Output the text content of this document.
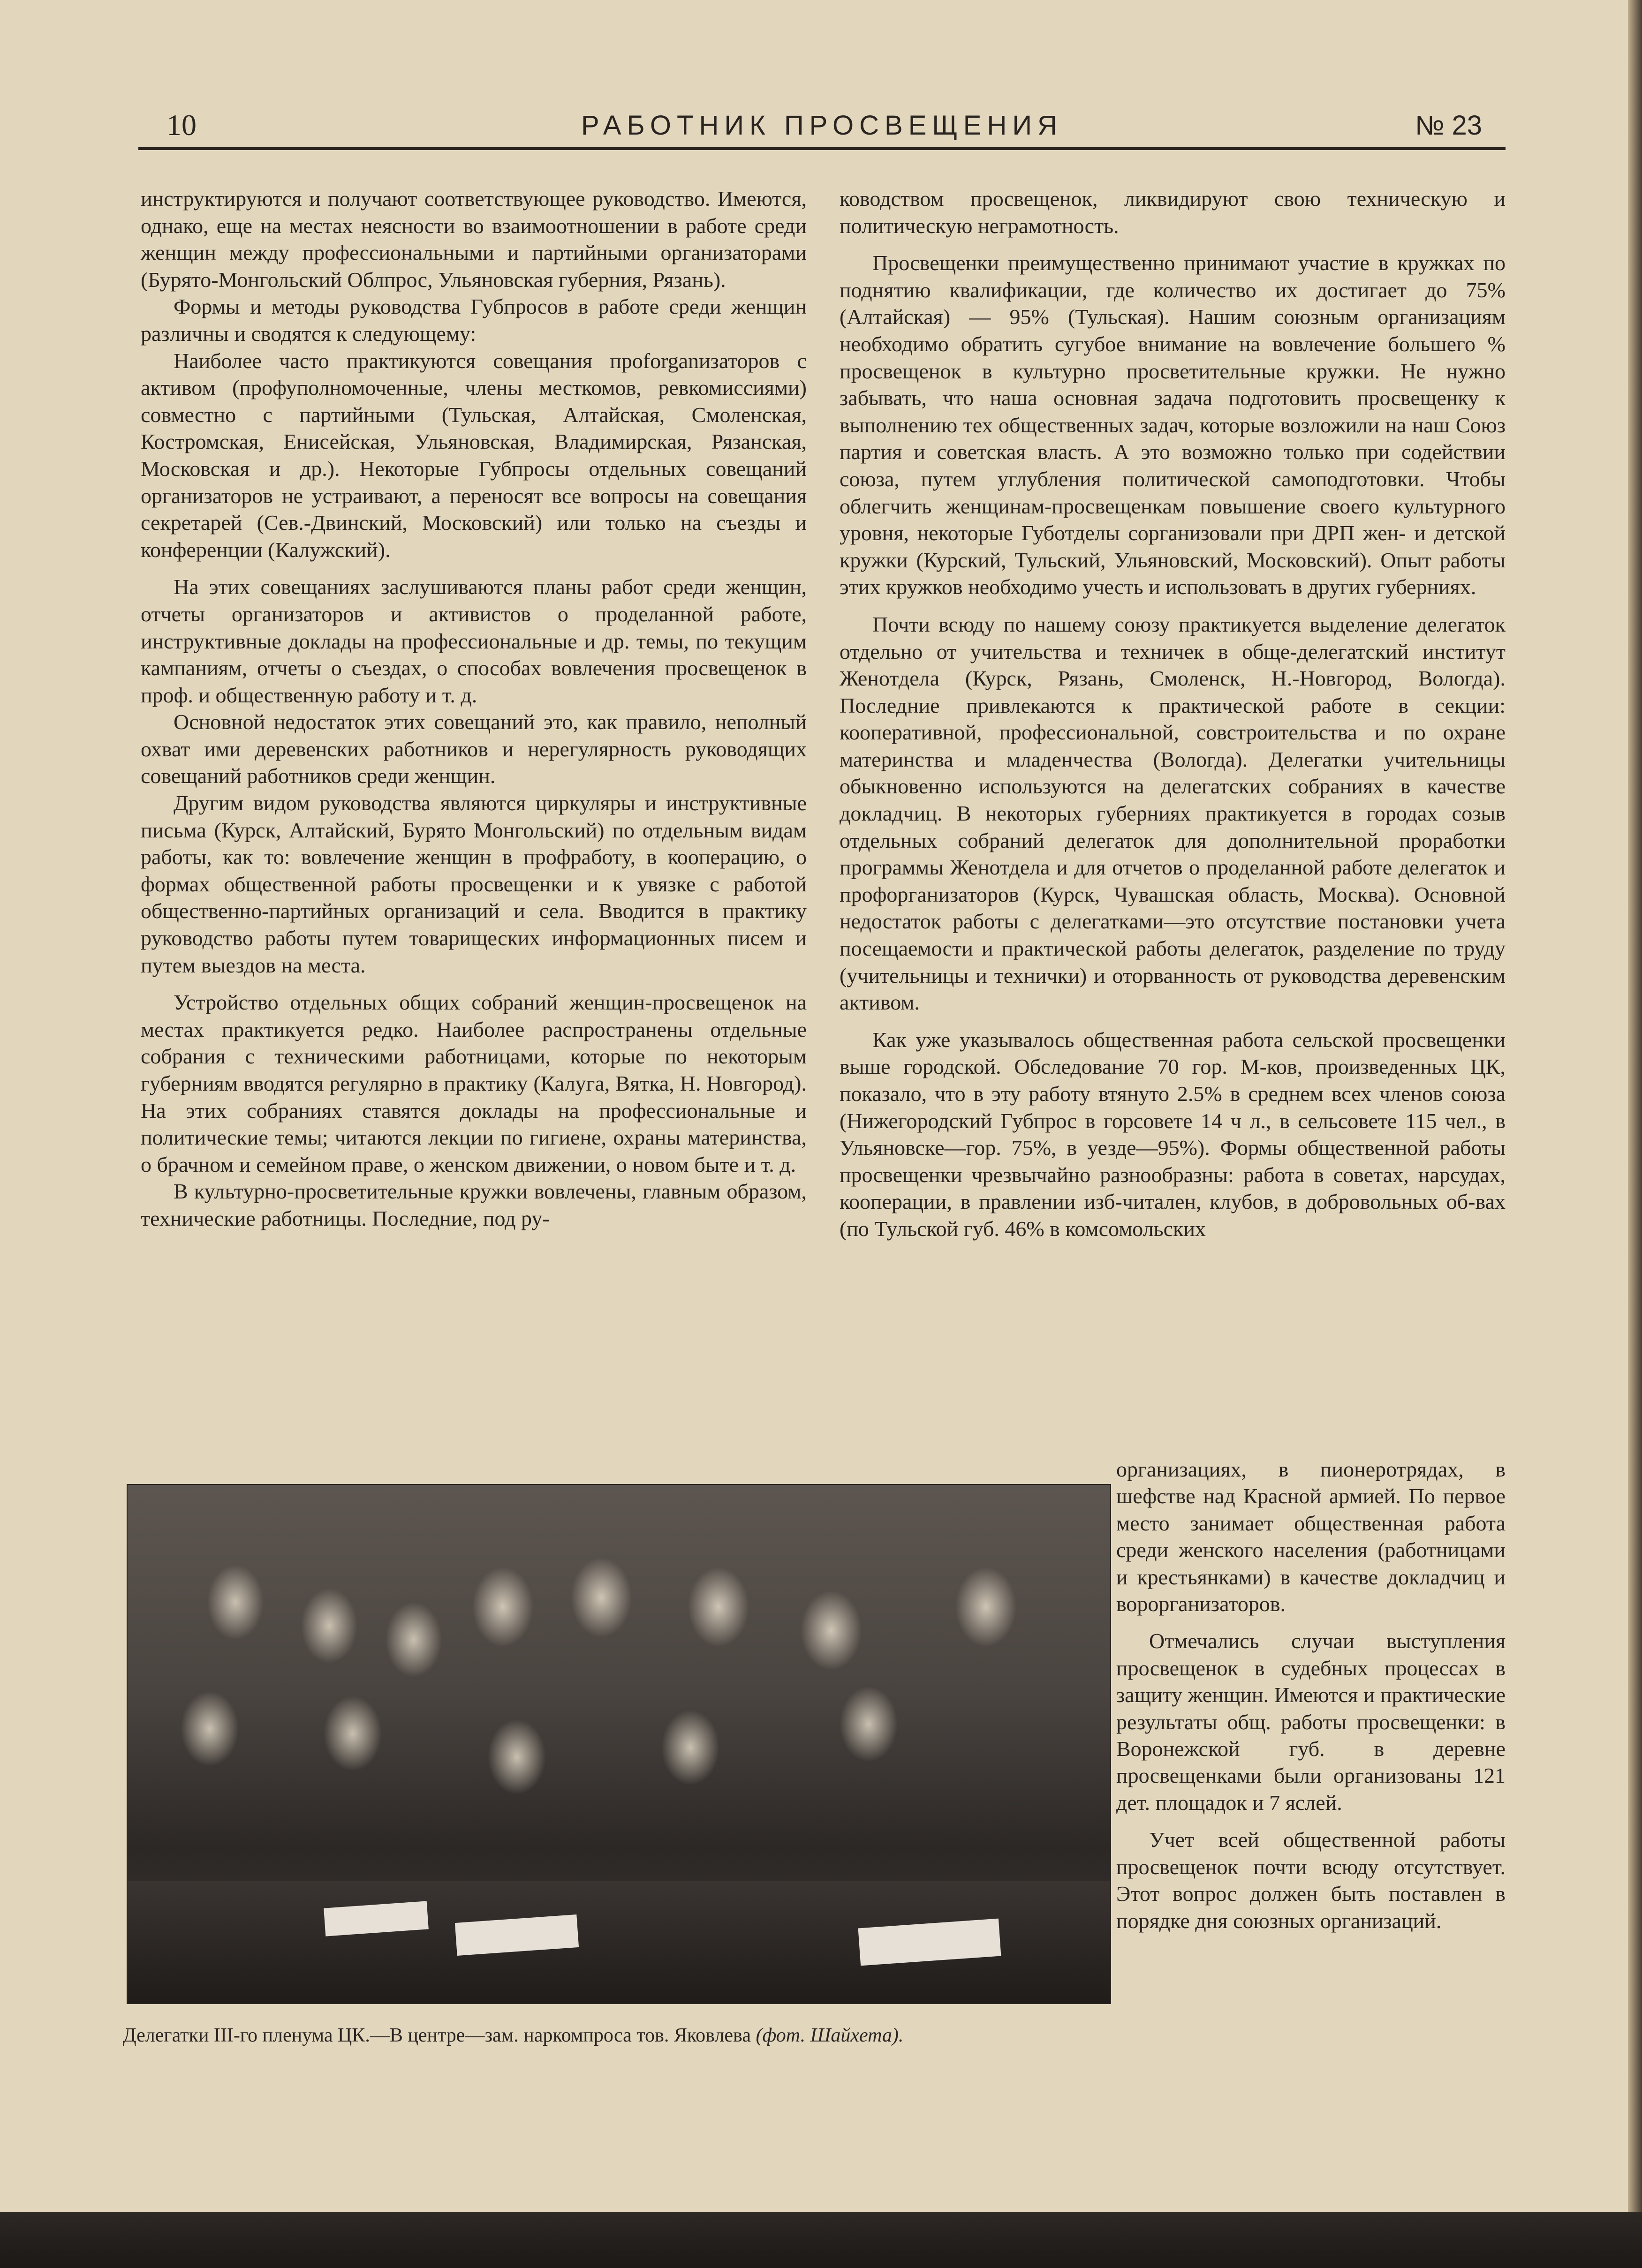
10	РАБОТНИК ПРОСВЕЩЕНИЯ	№ 23

инструктируются и получают соответствующее руководство. Имеются, однако, еще на местах неясности во взаимоотношении в работе среди женщин между профессиональными и партийными организаторами (Бурято-Монгольский Облпрос, Ульяновская губерния, Рязань).

Формы и методы руководства Губпросов в работе среди женщин различны и сводятся к следующему:

Наиболее часто практикуются совещания проforganизаторов с активом (профуполномоченные, члены месткомов, ревкомиссиями) совместно с партийными (Тульская, Алтайская, Смоленская, Костромская, Енисейская, Ульяновская, Владимирская, Рязанская, Московская и др.). Некоторые Губпросы отдельных совещаний организаторов не устраивают, а переносят все вопросы на совещания секретарей (Сев.-Двинский, Московский) или только на съезды и конференции (Калужский).

На этих совещаниях заслушиваются планы работ среди женщин, отчеты организаторов и активистов о проделанной работе, инструктивные доклады на профессиональные и др. темы, по текущим кампаниям, отчеты о съездах, о способах вовлечения просвещенок в проф. и общественную работу и т. д.

Основной недостаток этих совещаний это, как правило, неполный охват ими деревенских работников и нерегулярность руководящих совещаний работников среди женщин.

Другим видом руководства являются циркуляры и инструктивные письма (Курск, Алтайский, Бурято Монгольский) по отдельным видам работы, как то: вовлечение женщин в профработу, в кооперацию, о формах общественной работы просвещенки и к увязке с работой общественно-партийных организаций и села. Вводится в практику руководство работы путем товарищеских информационных писем и путем выездов на места.

Устройство отдельных общих собраний женщин-просвещенок на местах практикуется редко. Наиболее распространены отдельные собрания с техническими работницами, которые по некоторым губерниям вводятся регулярно в практику (Калуга, Вятка, Н. Новгород). На этих собраниях ставятся доклады на профессиональные и политические темы; читаются лекции по гигиене, охраны материнства, о брачном и семейном праве, о женском движении, о новом быте и т. д.

В культурно-просветительные кружки вовлечены, главным образом, технические работницы. Последние, под ру-

ководством просвещенок, ликвидируют свою техническую и политическую неграмотность.

Просвещенки преимущественно принимают участие в кружках по поднятию квалификации, где количество их достигает до 75% (Алтайская) — 95% (Тульская). Нашим союзным организациям необходимо обратить сугубое внимание на вовлечение большего % просвещенок в культурно просветительные кружки. Не нужно забывать, что наша основная задача подготовить просвещенку к выполнению тех общественных задач, которые возложили на наш Союз партия и советская власть. А это возможно только при содействии союза, путем углубления политической самоподготовки. Чтобы облегчить женщинам-просвещенкам повышение своего культурного уровня, некоторые Губотделы сорганизовали при ДРП жен- и детской кружки (Курский, Тульский, Ульяновский, Московский). Опыт работы этих кружков необходимо учесть и использовать в других губерниях.

Почти всюду по нашему союзу практикуется выделение делегаток отдельно от учительства и техничек в обще-делегатский институт Женотдела (Курск, Рязань, Смоленск, Н.-Новгород, Вологда). Последние привлекаются к практической работе в секции: кооперативной, профессиональной, совстроительства и по охране материнства и младенчества (Вологда). Делегатки учительницы обыкновенно используются на делегатских собраниях в качестве докладчиц. В некоторых губерниях практикуется в городах созыв отдельных собраний делегаток для дополнительной проработки программы Женотдела и для отчетов о проделанной работе делегаток и профорганизаторов (Курск, Чувашская область, Москва). Основной недостаток работы с делегатками—это отсутствие постановки учета посещаемости и практической работы делегаток, разделение по труду (учительницы и технички) и оторванность от руководства деревенским активом.

Как уже указывалось общественная работа сельской просвещенки выше городской. Обследование 70 гор. М-ков, произведенных ЦК, показало, что в эту работу втянуто 2.5% в среднем всех членов союза (Нижегородский Губпрос в горсовете 14 ч л., в сельсовете 115 чел., в Ульяновске—гор. 75%, в уезде—95%). Формы общественной работы просвещенки чрезвычайно разнообразны: работа в советах, нарсудах, кооперации, в правлении изб-читален, клубов, в добровольных об-вах (по Тульской губ. 46% в комсомольских

организациях, в пионеротрядах, в шефстве над Красной армией. По первое место занимает общественная работа среди женского населения (работницами и крестьянками) в качестве докладчиц и ворорганизаторов.

Отмечались случаи выступления просвещенок в судебных процессах в защиту женщин. Имеются и практические результаты общ. работы просвещенки: в Воронежской губ. в деревне просвещенками были организованы 121 дет. площадок и 7 яслей.

Учет всей общественной работы просвещенок почти всюду отсутствует. Этот вопрос должен быть поставлен в порядке дня союзных организаций.

Делегатки III-го пленума ЦК.—В центре—зам. наркомпроса тов. Яковлева (фот. Шайхета).
